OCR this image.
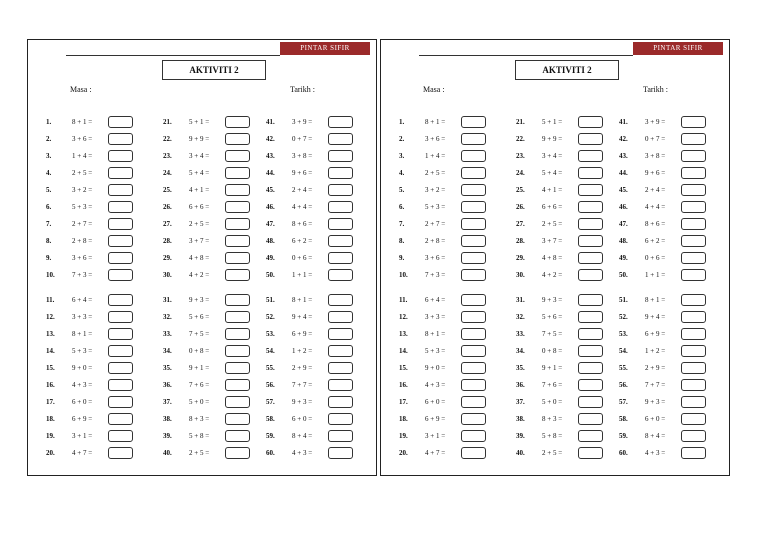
PINTAR SIFIR
AKTIVITI 2
Masa :	Tarikh :
1.	8 + 1 =
2.	3 + 6 =
3.	1 + 4 =
4.	2 + 5 =
5.	3 + 2 =
6.	5 + 3 =
7.	2 + 7 =
8.	2 + 8 =
9.	3 + 6 =
10.	7 + 3 =
11.	6 + 4 =
12.	3 + 3 =
13.	8 + 1 =
14.	5 + 3 =
15.	9 + 0 =
16.	4 + 3 =
17.	6 + 0 =
18.	6 + 9 =
19.	3 + 1 =
20.	4 + 7 =
21.	5 + 1 =
22.	9 + 9 =
23.	3 + 4 =
24.	5 + 4 =
25.	4 + 1 =
26.	6 + 6 =
27.	2 + 5 =
28.	3 + 7 =
29.	4 + 8 =
30.	4 + 2 =
31.	9 + 3 =
32.	5 + 6 =
33.	7 + 5 =
34.	0 + 8 =
35.	9 + 1 =
36.	7 + 6 =
37.	5 + 0 =
38.	8 + 3 =
39.	5 + 8 =
40.	2 + 5 =
41.	3 + 9 =
42.	0 + 7 =
43.	3 + 8 =
44.	9 + 6 =
45.	2 + 4 =
46.	4 + 4 =
47.	8 + 6 =
48.	6 + 2 =
49.	0 + 6 =
50.	1 + 1 =
51.	8 + 1 =
52.	9 + 4 =
53.	6 + 9 =
54.	1 + 2 =
55.	2 + 9 =
56.	7 + 7 =
57.	9 + 3 =
58.	6 + 0 =
59.	8 + 4 =
60.	4 + 3 =
PINTAR SIFIR
AKTIVITI 2
Masa :	Tarikh :
1.	8 + 1 =
2.	3 + 6 =
3.	1 + 4 =
4.	2 + 5 =
5.	3 + 2 =
6.	5 + 3 =
7.	2 + 7 =
8.	2 + 8 =
9.	3 + 6 =
10.	7 + 3 =
11.	6 + 4 =
12.	3 + 3 =
13.	8 + 1 =
14.	5 + 3 =
15.	9 + 0 =
16.	4 + 3 =
17.	6 + 0 =
18.	6 + 9 =
19.	3 + 1 =
20.	4 + 7 =
21.	5 + 1 =
22.	9 + 9 =
23.	3 + 4 =
24.	5 + 4 =
25.	4 + 1 =
26.	6 + 6 =
27.	2 + 5 =
28.	3 + 7 =
29.	4 + 8 =
30.	4 + 2 =
31.	9 + 3 =
32.	5 + 6 =
33.	7 + 5 =
34.	0 + 8 =
35.	9 + 1 =
36.	7 + 6 =
37.	5 + 0 =
38.	8 + 3 =
39.	5 + 8 =
40.	2 + 5 =
41.	3 + 9 =
42.	0 + 7 =
43.	3 + 8 =
44.	9 + 6 =
45.	2 + 4 =
46.	4 + 4 =
47.	8 + 6 =
48.	6 + 2 =
49.	0 + 6 =
50.	1 + 1 =
51.	8 + 1 =
52.	9 + 4 =
53.	6 + 9 =
54.	1 + 2 =
55.	2 + 9 =
56.	7 + 7 =
57.	9 + 3 =
58.	6 + 0 =
59.	8 + 4 =
60.	4 + 3 =
